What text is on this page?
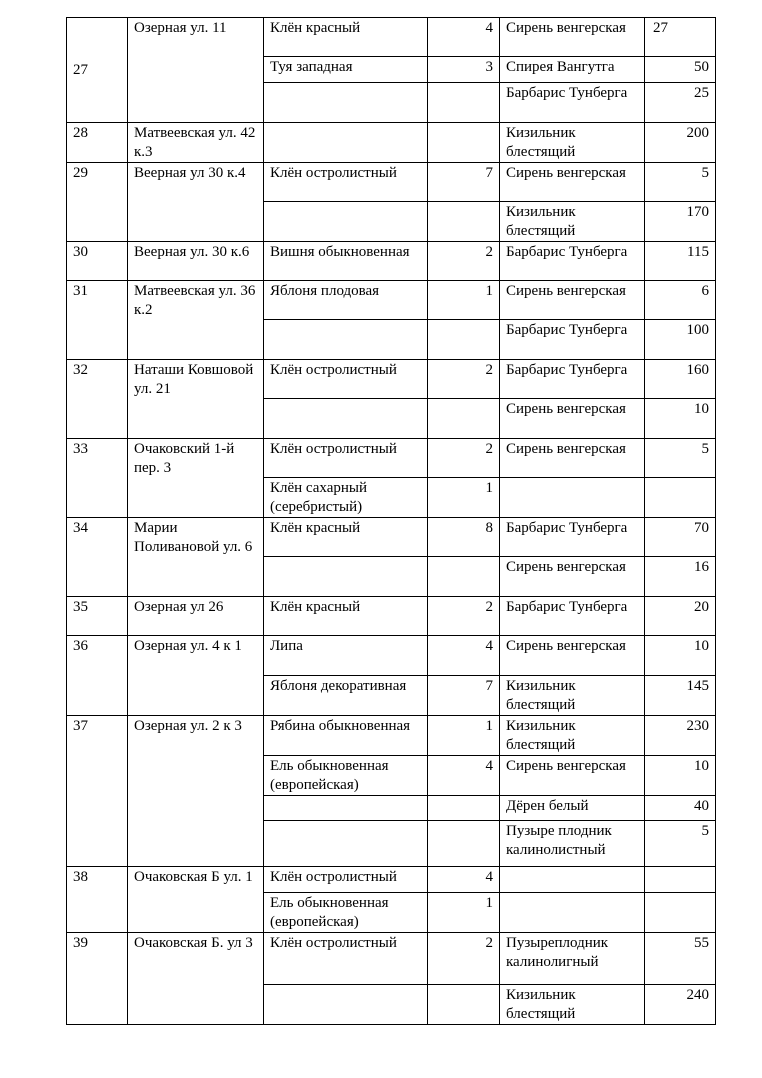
27	Озерная ул. 11	Клён красный	4	Сирень венгерская	27
		Туя западная	3	Спирея Вангутга	50
				Барбарис Тунберга	25
28	Матвеевская ул. 42 к.3			Кизильник блестящий	200
29	Веерная ул 30 к.4	Клён остролистный	7	Сирень венгерская	5
				Кизильник блестящий	170
30	Веерная ул. 30 к.6	Вишня обыкновенная	2	Барбарис Тунберга	115
31	Матвеевская ул. 36 к.2	Яблоня плодовая	1	Сирень венгерская	6
				Барбарис Тунберга	100
32	Наташи Ковшовой ул. 21	Клён остролистный	2	Барбарис Тунберга	160
				Сирень венгерская	10
33	Очаковский 1-й пер. 3	Клён остролистный	2	Сирень венгерская	5
		Клён сахарный (серебристый)	1		
34	Марии Поливановой ул. 6	Клён красный	8	Барбарис Тунберга	70
				Сирень венгерская	16
35	Озерная ул 26	Клён красный	2	Барбарис Тунберга	20
36	Озерная ул. 4 к 1	Липа	4	Сирень венгерская	10
		Яблоня декоративная	7	Кизильник блестящий	145
37	Озерная ул. 2 к 3	Рябина обыкновенная	1	Кизильник блестящий	230
		Ель обыкновенная (европейская)	4	Сирень венгерская	10
				Дёрен белый	40
				Пузыре плодник калинолистный	5
38	Очаковская Б ул. 1	Клён остролистный	4		
		Ель обыкновенная (европейская)	1		
39	Очаковская Б. ул 3	Клён остролистный	2	Пузыреплодник калинолигный	55
				Кизильник блестящий	240
